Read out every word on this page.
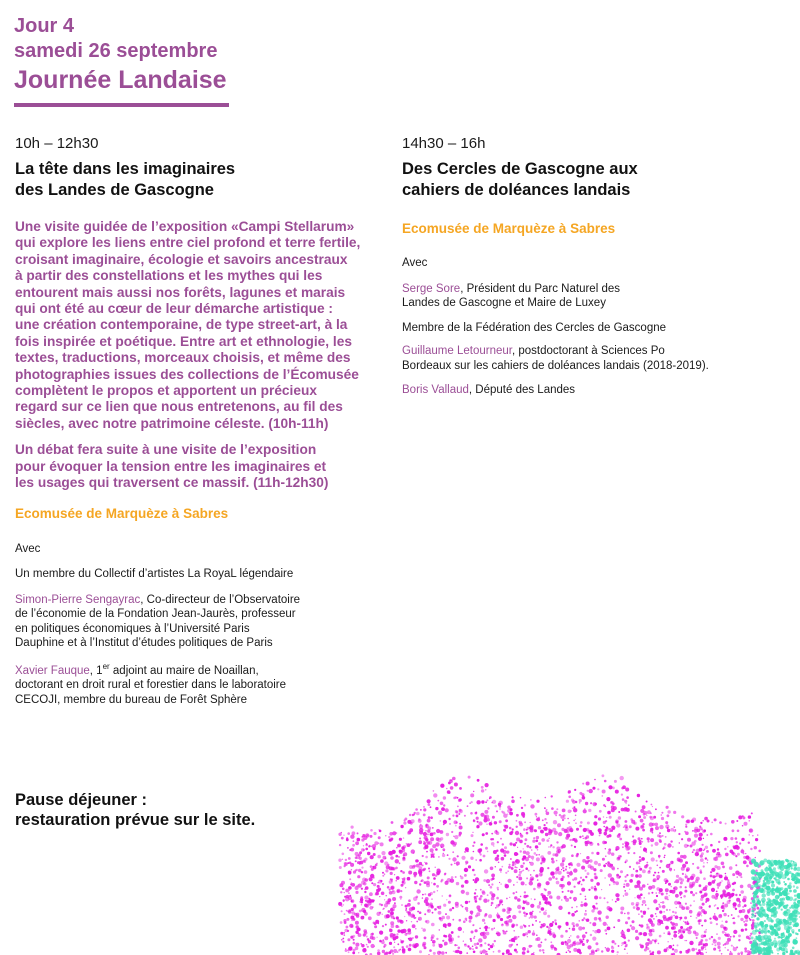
Jour 4
samedi 26 septembre
Journée Landaise
10h – 12h30
La tête dans les imaginaires
des Landes de Gascogne
Une visite guidée de l’exposition «Campi Stellarum»
qui explore les liens entre ciel profond et terre fertile,
croisant imaginaire, écologie et savoirs ancestraux
à partir des constellations et les mythes qui les
entourent mais aussi nos forêts, lagunes et marais
qui ont été au cœur de leur démarche artistique :
une création contemporaine, de type street-art, à la
fois inspirée et poétique. Entre art et ethnologie, les
textes, traductions, morceaux choisis, et même des
photographies issues des collections de l’Écomusée
complètent le propos et apportent un précieux
regard sur ce lien que nous entretenons, au fil des
siècles, avec notre patrimoine céleste. (10h-11h)
Un débat fera suite à une visite de l’exposition
pour évoquer la tension entre les imaginaires et
les usages qui traversent ce massif. (11h-12h30)
Ecomusée de Marquèze à Sabres
Avec
Un membre du Collectif d’artistes La RoyaL légendaire
Simon-Pierre Sengayrac, Co-directeur de l’Observatoire
de l’économie de la Fondation Jean-Jaurès, professeur
en politiques économiques à l’Université Paris
Dauphine et à l’Institut d’études politiques de Paris
Xavier Fauque, 1er adjoint au maire de Noaillan,
doctorant en droit rural et forestier dans le laboratoire
CECOJI, membre du bureau de Forêt Sphère
14h30 – 16h
Des Cercles de Gascogne aux
cahiers de doléances landais
Ecomusée de Marquèze à Sabres
Avec
Serge Sore, Président du Parc Naturel des
Landes de Gascogne et Maire de Luxey
Membre de la Fédération des Cercles de Gascogne
Guillaume Letourneur, postdoctorant à Sciences Po
Bordeaux sur les cahiers de doléances landais (2018-2019).
Boris Vallaud, Député des Landes
Pause déjeuner :
restauration prévue sur le site.
